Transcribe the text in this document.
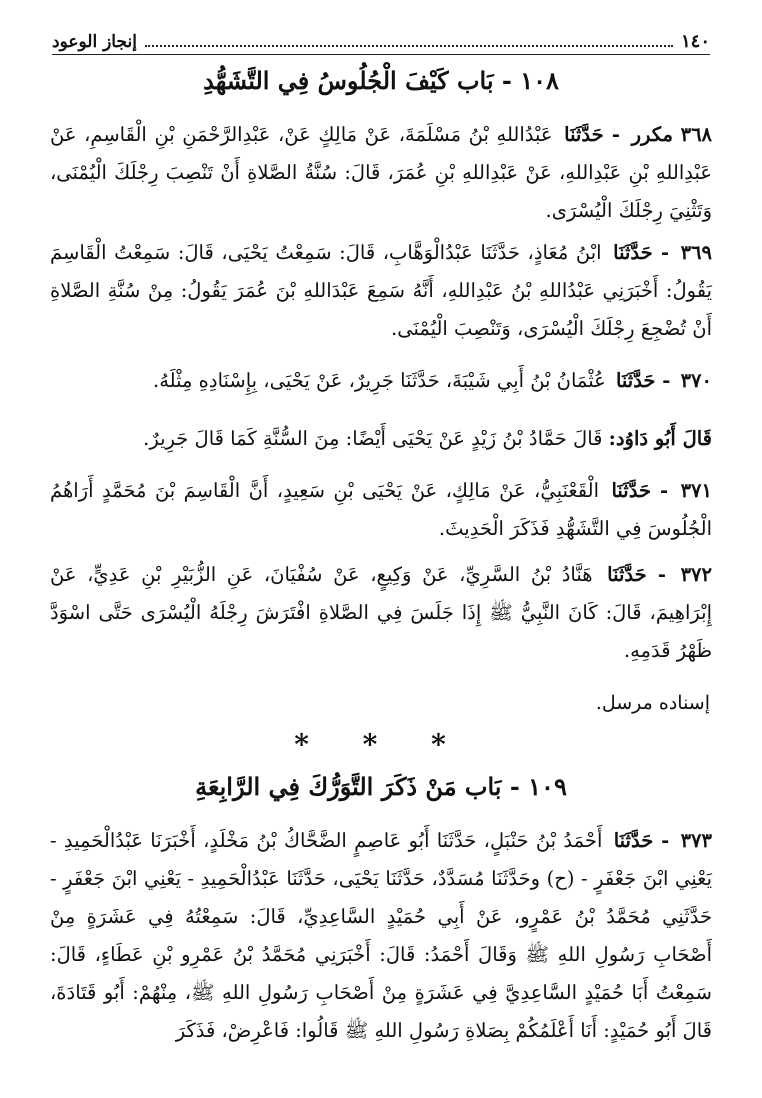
١٤٠
إنجاز الوعود
١٠٨ - بَاب كَيْفَ الْجُلُوسُ فِي التَّشَهُّدِ
٣٦٨ مكرر - حَدَّثَنَا عَبْدُاللهِ بْنُ مَسْلَمَةَ، عَنْ مَالِكٍ عَنْ، عَبْدِالرَّحْمَنِ بْنِ الْقَاسِمِ، عَنْ عَبْدِاللهِ بْنِ عَبْدِاللهِ، عَنْ عَبْدِاللهِ بْنِ عُمَرَ، قَالَ: سُنَّةُ الصَّلاةِ أَنْ تَنْصِبَ رِجْلَكَ الْيُمْنَى، وَتَثْنِيَ رِجْلَكَ الْيُسْرَى.
٣٦٩ - حَدَّثَنَا ابْنُ مُعَاذٍ، حَدَّثَنَا عَبْدُالْوَهَّابِ، قَالَ: سَمِعْتُ يَحْيَى، قَالَ: سَمِعْتُ الْقَاسِمَ يَقُولُ: أَخْبَرَنِي عَبْدُاللهِ بْنُ عَبْدِاللهِ، أَنَّهُ سَمِعَ عَبْدَاللهِ بْنَ عُمَرَ يَقُولُ: مِنْ سُنَّةِ الصَّلاةِ أَنْ تُضْجِعَ رِجْلَكَ الْيُسْرَى، وَتَنْصِبَ الْيُمْنَى.
٣٧٠ - حَدَّثَنَا عُثْمَانُ بْنُ أَبِي شَيْبَةَ، حَدَّثَنَا جَرِيرٌ، عَنْ يَحْيَى، بِإِسْنَادِهِ مِثْلَهُ.
قَالَ أَبُو دَاوُد: قَالَ حَمَّادُ بْنُ زَيْدٍ عَنْ يَحْيَى أَيْضًا: مِنَ السُّنَّةِ كَمَا قَالَ جَرِيرٌ.
٣٧١ - حَدَّثَنَا الْقَعْنَبِيُّ، عَنْ مَالِكٍ، عَنْ يَحْيَى بْنِ سَعِيدٍ، أَنَّ الْقَاسِمَ بْنَ مُحَمَّدٍ أَرَاهُمُ الْجُلُوسَ فِي التَّشَهُّدِ فَذَكَرَ الْحَدِيثَ.
٣٧٢ - حَدَّثَنَا هَنَّادُ بْنُ السَّرِيِّ، عَنْ وَكِيعٍ، عَنْ سُفْيَانَ، عَنِ الزُّبَيْرِ بْنِ عَدِيٍّ، عَنْ إِبْرَاهِيمَ، قَالَ: كَانَ النَّبِيُّ ﷺ إِذَا جَلَسَ فِي الصَّلاةِ افْتَرَشَ رِجْلَهُ الْيُسْرَى حَتَّى اسْوَدَّ ظَهْرُ قَدَمِهِ.
إسناده مرسل.
* * *
١٠٩ - بَاب مَنْ ذَكَرَ التَّوَرُّكَ فِي الرَّابِعَةِ
٣٧٣ - حَدَّثَنَا أَحْمَدُ بْنُ حَنْبَلٍ، حَدَّثَنَا أَبُو عَاصِمٍ الضَّحَّاكُ بْنُ مَخْلَدٍ، أَخْبَرَنَا عَبْدُالْحَمِيدِ - يَعْنِي ابْنَ جَعْفَرٍ - (ح) وحَدَّثَنَا مُسَدَّدٌ، حَدَّثَنَا يَحْيَى، حَدَّثَنَا عَبْدُالْحَمِيدِ - يَعْنِي ابْنَ جَعْفَرٍ - حَدَّثَنِي مُحَمَّدُ بْنُ عَمْرٍو، عَنْ أَبِي حُمَيْدٍ السَّاعِدِيِّ، قَالَ: سَمِعْتُهُ فِي عَشَرَةٍ مِنْ أَصْحَابِ رَسُولِ اللهِ ﷺ وَقَالَ أَحْمَدُ: قَالَ: أَخْبَرَنِي مُحَمَّدُ بْنُ عَمْرِو بْنِ عَطَاءٍ، قَالَ: سَمِعْتُ أَبَا حُمَيْدٍ السَّاعِدِيَّ فِي عَشَرَةٍ مِنْ أَصْحَابِ رَسُولِ اللهِ ﷺ، مِنْهُمْ: أَبُو قَتَادَةَ، قَالَ أَبُو حُمَيْدٍ: أَنَا أَعْلَمُكُمْ بِصَلاةِ رَسُولِ اللهِ ﷺ قَالُوا: فَاعْرِضْ، فَذَكَرَ
